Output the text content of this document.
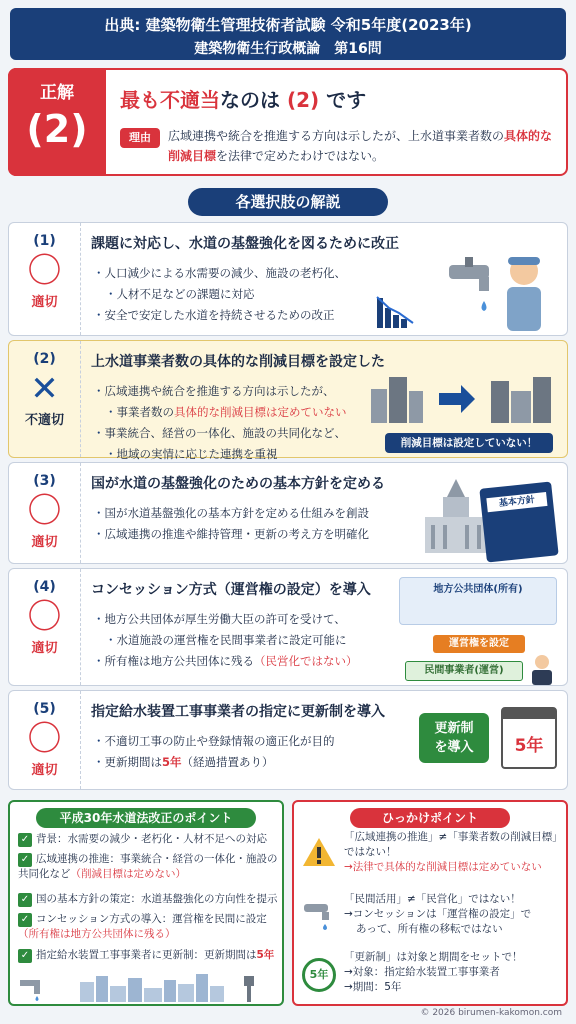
出典: 建築物衛生管理技術者試験 令和5年度(2023年)
建築物衛生行政概論　第16問
正解
(2)
最も不適当なのは (2) です
理由	広域連携や統合を推進する方向は示したが、上水道事業者数の具体的な削減目標を法律で定めたわけではない。
各選択肢の解説
(1)
〇
適切
課題に対応し、水道の基盤強化を図るために改正
・ 人口減少による水需要の減少、施設の老朽化、
・ 人材不足などの課題に対応
・ 安全で安定した水道を持続させるための改正
(2)
✕
不適切
上水道事業者数の具体的な削減目標を設定した
・ 広域連携や統合を推進する方向は示したが、
・ 事業者数の具体的な削減目標は定めていない
・ 事業統合、経営の一体化、施設の共同化など、
・ 地域の実情に応じた連携を重視
削減目標は設定していない！
(3)
〇
適切
国が水道の基盤強化のための基本方針を定める
・ 国が水道基盤強化の基本方針を定める仕組みを創設
・ 広域連携の推進や維持管理・更新の考え方を明確化
基本方針
(4)
〇
適切
コンセッション方式（運営権の設定）を導入
・ 地方公共団体が厚生労働大臣の許可を受けて、
・ 水道施設の運営権を民間事業者に設定可能に
・ 所有権は地方公共団体に残る（民営化ではない）
地方公共団体(所有)
運営権を設定
民間事業者(運営)
(5)
〇
適切
指定給水装置工事事業者の指定に更新制を導入
・ 不適切工事の防止や登録情報の適正化が目的
・ 更新期間は5年（経過措置あり）
更新制
を導入	5年
平成30年水道法改正のポイント
✓ 背景：水需要の減少・老朽化・人材不足への対応
✓ 広域連携の推進：事業統合・経営の一体化・施設の共同化など（削減目標は定めない）
✓ 国の基本方針の策定：水道基盤強化の方向性を提示
✓ コンセッション方式の導入：運営権を民間に設定（所有権は地方公共団体に残る）
✓ 指定給水装置工事事業者に更新制：更新期間は5年
ひっかけポイント
「広域連携の推進」≠「事業者数の削減目標」
ではない！
→法律で具体的な削減目標は定めていない
「民間活用」≠「民営化」ではない！
→コンセッションは「運営権の設定」で
あって、所有権の移転ではない
5年
「更新制」は対象と期間をセットで！
→対象：指定給水装置工事事業者
→期間：5年
© 2026 birumen-kakomon.com
